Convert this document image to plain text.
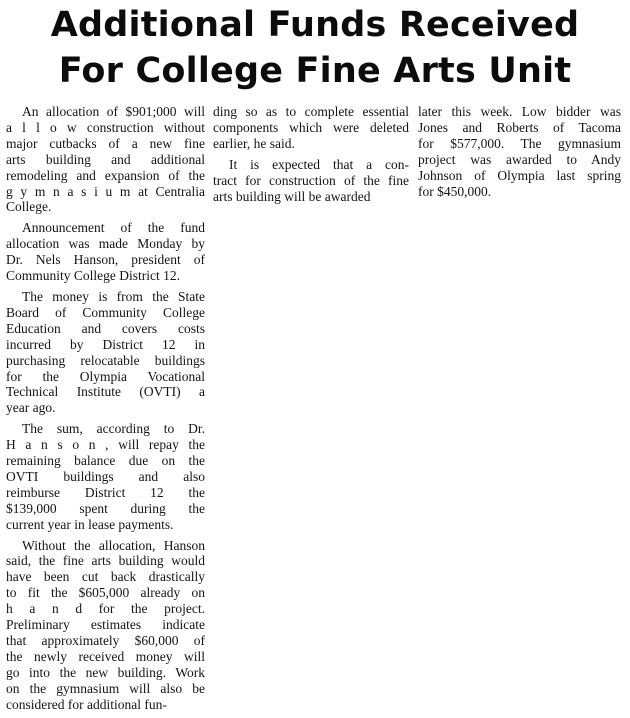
Additional Funds Received
For College Fine Arts Unit
An allocation of $901;000 will
a l l o w construction without
major cutbacks of a new fine
arts building and additional
remodeling and expansion of the
g y m n a s i u m at Centralia
College.
Announcement of the fund
allocation was made Monday by
Dr. Nels Hanson, president of
Community College District 12.
The money is from the State
Board of Community College
Education and covers costs
incurred by District 12 in
purchasing relocatable buildings
for the Olympia Vocational
Technical Institute (OVTI) a
year ago.
The sum, according to Dr.
H a n s o n , will repay the
remaining balance due on the
OVTI buildings and also
reimburse District 12 the
$139,000 spent during the
current year in lease payments.
Without the allocation, Hanson
said, the fine arts building would
have been cut back drastically
to fit the $605,000 already on
h a n d for the project.
Preliminary estimates indicate
that approximately $60,000 of
the newly received money will
go into the new building. Work
on the gymnasium will also be
considered for additional fun-
ding so as to complete essential
components which were deleted
earlier, he said.
It is expected that a con-
tract for construction of the fine
arts building will be awarded
later this week. Low bidder was
Jones and Roberts of Tacoma
for $577,000. The gymnasium
project was awarded to Andy
Johnson of Olympia last spring
for $450,000.
